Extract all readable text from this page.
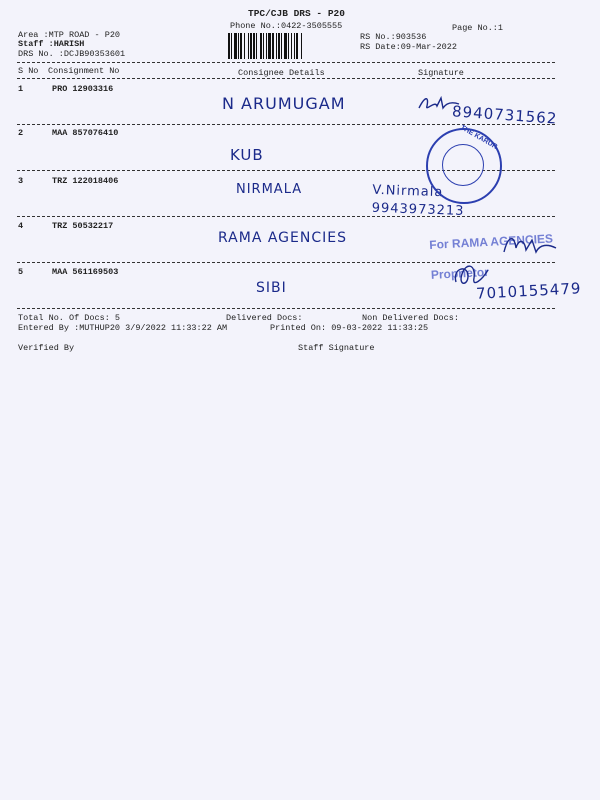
TPC/CJB DRS - P20
Phone No.:0422-3505555	Page No.:1
Area :MTP ROAD - P20
Staff :HARISH
DRS No. :DCJB90353601
RS No.:903536
RS Date:09-Mar-2022
S No Consignment No	Consignee Details	Signature
1	PRO 12903316
N ARUMUGAM	8940731562
2	MAA 857076410
KUB
3	TRZ 122018406
NIRMALA	V.Nirmala 9943973213
4	TRZ 50532217
RAMA AGENCIES	For RAMA AGENCIES Proprietor
5	MAA 561169503
SIBI	7010155479
THE KARUR
Total No. Of Docs: 5	Delivered Docs:	Non Delivered Docs:
Entered By :MUTHUP20 3/9/2022 11:33:22 AM	Printed On: 09-03-2022 11:33:25
Verified By	Staff Signature
